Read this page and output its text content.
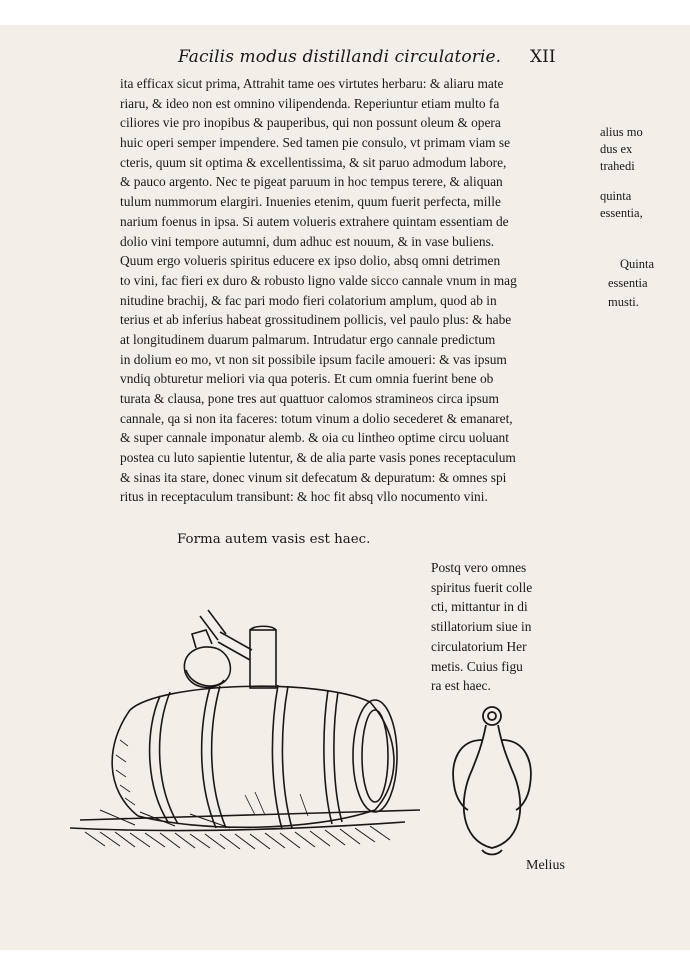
Facilis modus distillandi circulatorie. XII
ita efficax sicut prima, Attrahit tame oes virtutes herbaru: & aliaru mate
riaru, & ideo non est omnino vilipendenda. Reperiuntur etiam multo fa
ciliores vie pro inopibus & pauperibus, qui non possunt oleum & opera
huic operi semper impendere. Sed tamen pie consulo, vt primam viam se
cteris, quum sit optima & excellentissima, & sit paruo admodum labore,
& pauco argento. Nec te pigeat paruum in hoc tempus terere, & aliquan
tulum nummorum elargiri. Inuenies etenim, quum fuerit perfecta, mille
narium foenus in ipsa. Si autem volueris extrahere quintam essentiam de
dolio vini tempore autumni, dum adhuc est nouum, & in vase buliens.
Quum ergo volueris spiritus educere ex ipso dolio, absq omni detrimen
to vini, fac fieri ex duro & robusto ligno valde sicco cannale vnum in mag
nitudine brachij, & fac pari modo fieri colatorium amplum, quod ab in
terius et ab inferius habeat grossitudinem pollicis, vel paulo plus: & habe
at longitudinem duarum palmarum. Intrudatur ergo cannale predictum
in dolium eo mo, vt non sit possibile ipsum facile amoueri: & vas ipsum
vndiq obturetur meliori via qua poteris. Et cum omnia fuerint bene ob
turata & clausa, pone tres aut quattuor calomos stramineos circa ipsum
cannale, qa si non ita faceres: totum vinum a dolio secederet & emanaret,
& super cannale imponatur alemb. & oia cu lintheo optime circu uoluant
postea cu luto sapientie lutentur, & de alia parte vasis pones receptaculum
& sinas ita stare, donec vinum sit defecatum & depuratum: & omnes spi
ritus in receptaculum transibunt: & hoc fit absq vllo nocumento vini.
alius mo
dus ex
trahedi
quinta
essentia,
Quinta
essentia
musti.
Forma autem vasis est haec.
Postq vero omnes
spiritus fuerit colle
cti, mittantur in di
stillatorium siue in
circulatorium Her
metis. Cuius figu
ra est haec.
Melius
